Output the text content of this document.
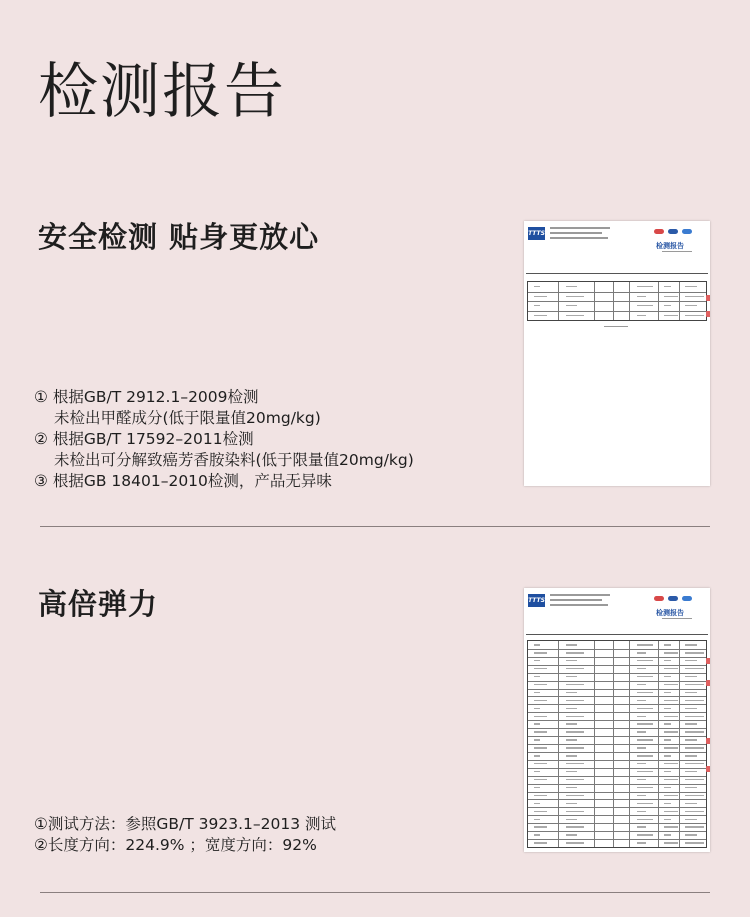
检测报告
安全检测 贴身更放心
① 根据GB/T 2912.1–2009检测
未检出甲醛成分(低于限量值20mg/kg)
② 根据GB/T 17592–2011检测
未检出可分解致癌芳香胺染料(低于限量值20mg/kg)
③ 根据GB 18401–2010检测，产品无异味
TTTS
检测报告
高倍弹力
①测试方法：参照GB/T 3923.1–2013 测试
②长度方向：224.9% ；宽度方向：92%
TTTS
检测报告
